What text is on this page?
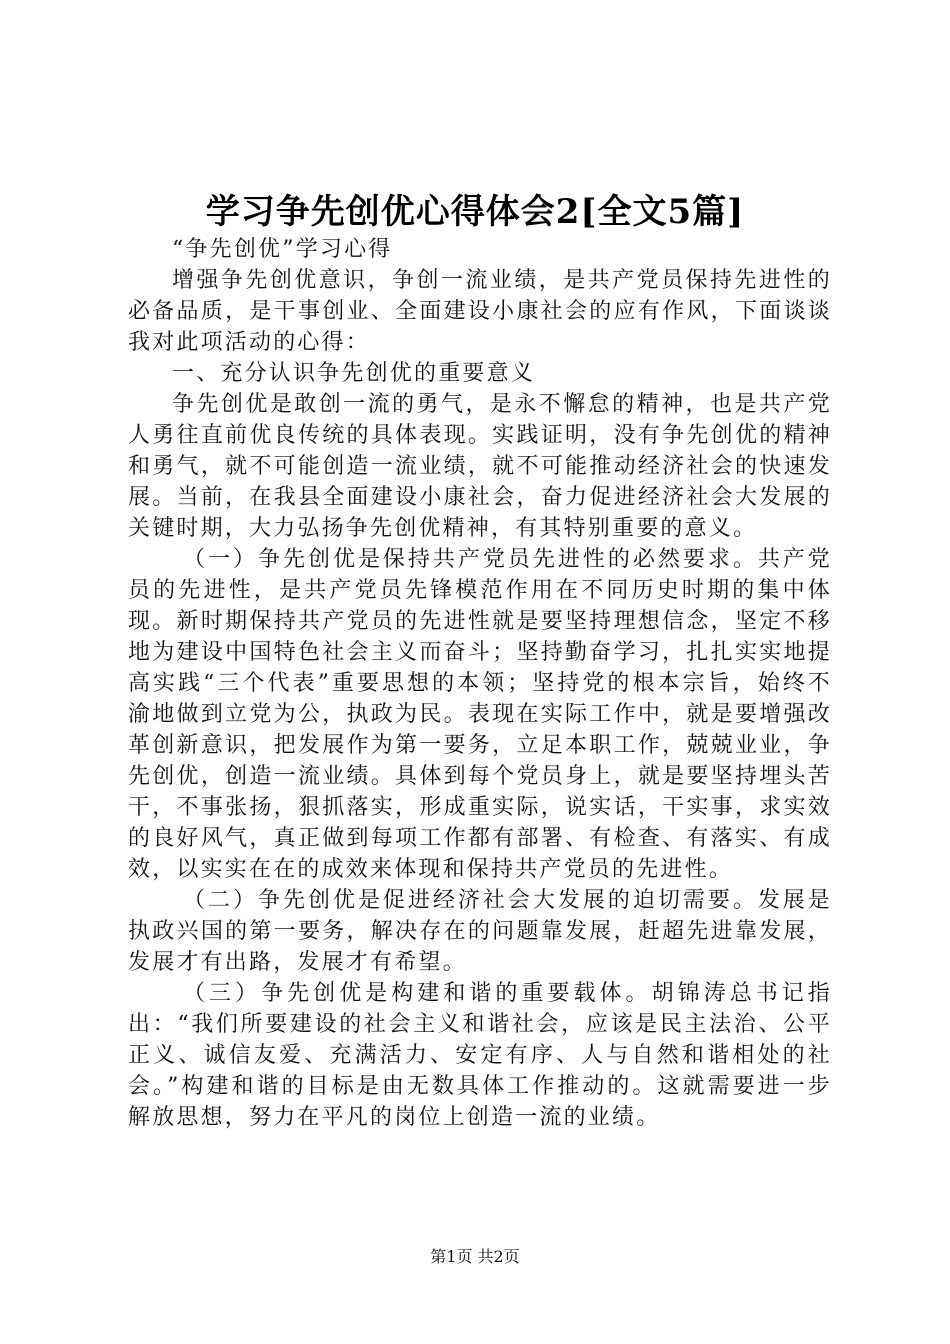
学习争先创优心得体会2[全文5篇]

“争先创优”学习心得

增强争先创优意识，争创一流业绩，是共产党员保持先进性的必备品质，是干事创业、全面建设小康社会的应有作风，下面谈谈我对此项活动的心得：

一、充分认识争先创优的重要意义

争先创优是敢创一流的勇气，是永不懈怠的精神，也是共产党人勇往直前优良传统的具体表现。实践证明，没有争先创优的精神和勇气，就不可能创造一流业绩，就不可能推动经济社会的快速发展。当前，在我县全面建设小康社会，奋力促进经济社会大发展的关键时期，大力弘扬争先创优精神，有其特别重要的意义。

（一）争先创优是保持共产党员先进性的必然要求。共产党员的先进性，是共产党员先锋模范作用在不同历史时期的集中体现。新时期保持共产党员的先进性就是要坚持理想信念，坚定不移地为建设中国特色社会主义而奋斗；坚持勤奋学习，扎扎实实地提高实践“三个代表”重要思想的本领；坚持党的根本宗旨，始终不渝地做到立党为公，执政为民。表现在实际工作中，就是要增强改革创新意识，把发展作为第一要务，立足本职工作，兢兢业业，争先创优，创造一流业绩。具体到每个党员身上，就是要坚持埋头苦干，不事张扬，狠抓落实，形成重实际，说实话，干实事，求实效的良好风气，真正做到每项工作都有部署、有检查、有落实、有成效，以实实在在的成效来体现和保持共产党员的先进性。

（二）争先创优是促进经济社会大发展的迫切需要。发展是执政兴国的第一要务，解决存在的问题靠发展，赶超先进靠发展，发展才有出路，发展才有希望。

（三）争先创优是构建和谐的重要载体。胡锦涛总书记指出：“我们所要建设的社会主义和谐社会，应该是民主法治、公平正义、诚信友爱、充满活力、安定有序、人与自然和谐相处的社会。”构建和谐的目标是由无数具体工作推动的。这就需要进一步解放思想，努力在平凡的岗位上创造一流的业绩。

第1页 共2页
